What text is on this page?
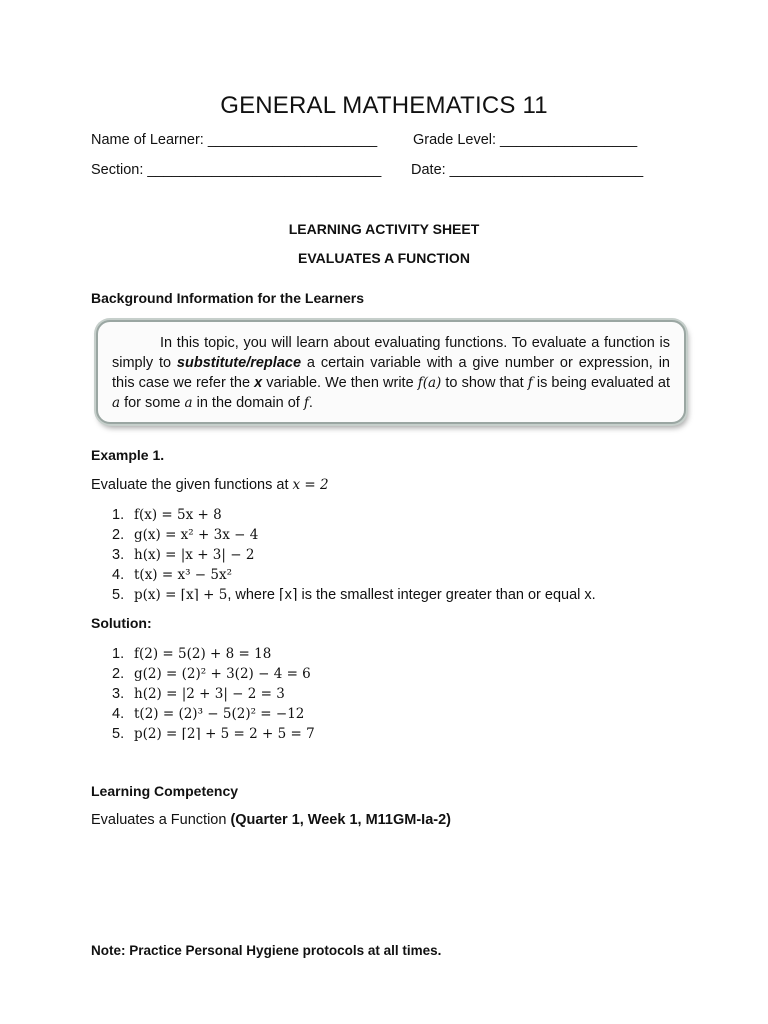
GENERAL MATHEMATICS 11
Name of Learner: _____________________ Grade Level: _________________
Section: _____________________________ Date: ________________________
LEARNING ACTIVITY SHEET
EVALUATES A FUNCTION
Background Information for the Learners

In this topic, you will learn about evaluating functions. To evaluate a function is simply to substitute/replace a certain variable with a give number or expression, in this case we refer the x variable. We then write f(a) to show that f is being evaluated at a for some a in the domain of f.

Example 1.
Evaluate the given functions at x = 2
1. f(x) = 5x + 8
2. g(x) = x² + 3x − 4
3. h(x) = |x + 3| − 2
4. t(x) = x³ − 5x²
5. p(x) = ⌈x⌉ + 5, where ⌈x⌉ is the smallest integer greater than or equal x.
Solution:
1. f(2) = 5(2) + 8 = 18
2. g(2) = (2)² + 3(2) − 4 = 6
3. h(2) = |2 + 3| − 2 = 3
4. t(2) = (2)³ − 5(2)² = −12
5. p(2) = ⌈2⌉ + 5 = 2 + 5 = 7
Learning Competency
Evaluates a Function (Quarter 1, Week 1, M11GM-Ia-2)
Note: Practice Personal Hygiene protocols at all times.
